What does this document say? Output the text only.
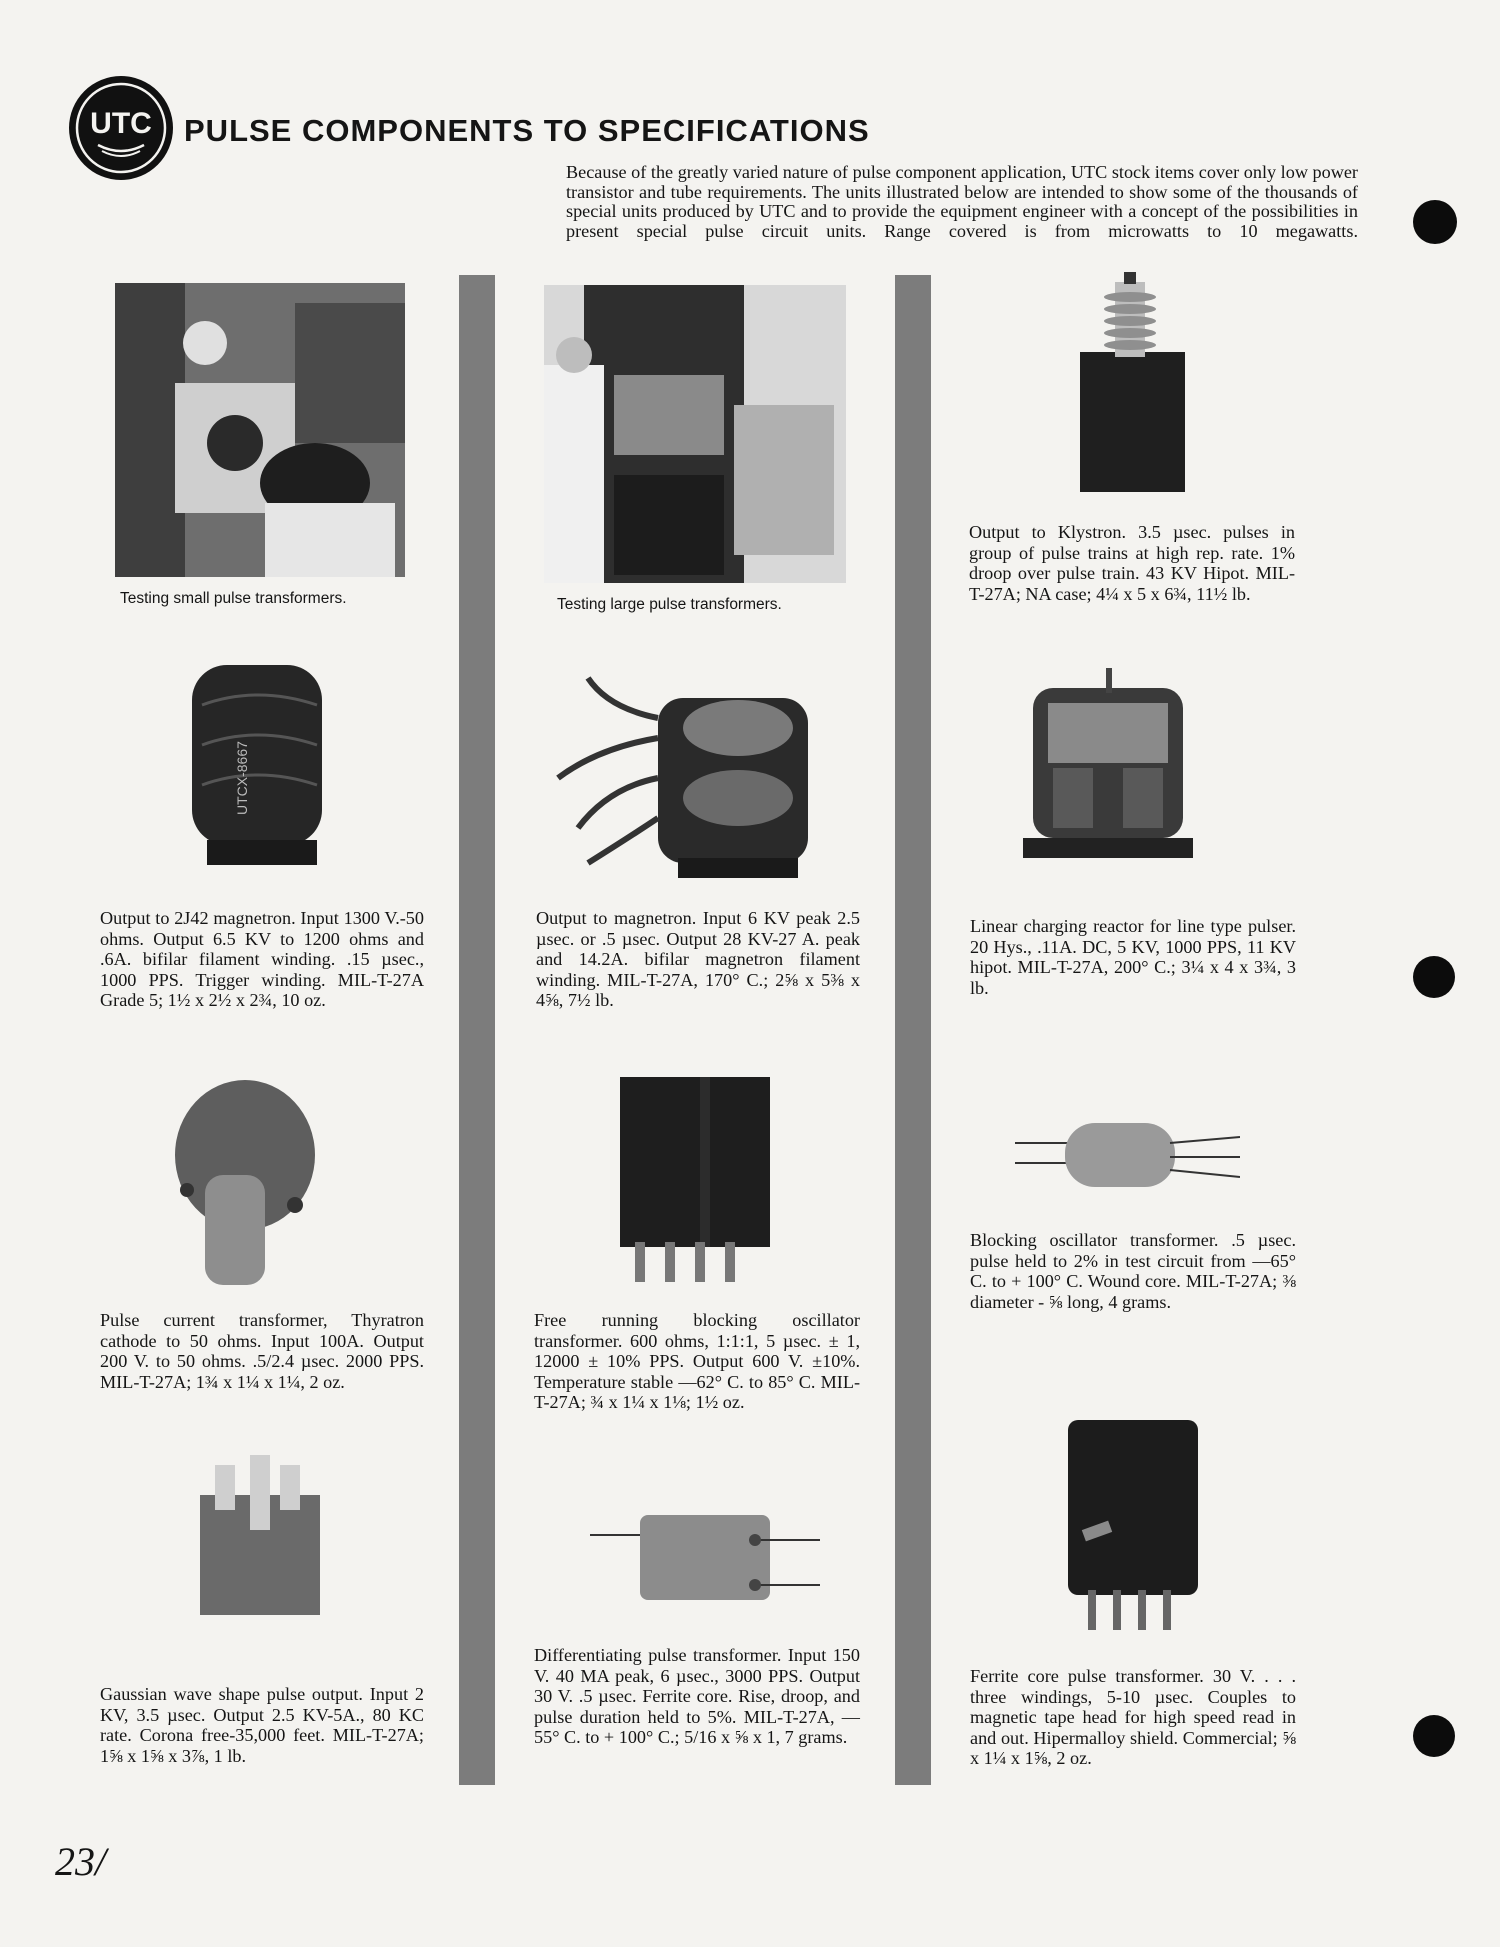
UTC PULSE COMPONENTS TO SPECIFICATIONS
Because of the greatly varied nature of pulse component application, UTC stock items cover only low power transistor and tube requirements. The units illustrated below are intended to show some of the thousands of special units produced by UTC and to provide the equipment engineer with a concept of the possibilities in present special pulse circuit units. Range covered is from microwatts to 10 megawatts.
Testing small pulse transformers.	Testing large pulse transformers.
Output to Klystron. 3.5 µsec. pulses in group of pulse trains at high rep. rate. 1% droop over pulse train. 43 KV Hipot. MIL-T-27A; NA case; 4¼ x 5 x 6¾, 11½ lb.
UTCX-8667
Output to 2J42 magnetron. Input 1300 V.-50 ohms. Output 6.5 KV to 1200 ohms and .6A. bifilar filament winding. .15 µsec., 1000 PPS. Trigger winding. MIL-T-27A Grade 5; 1½ x 2½ x 2¾, 10 oz.
Output to magnetron. Input 6 KV peak 2.5 µsec. or .5 µsec. Output 28 KV-27 A. peak and 14.2A. bifilar magnetron filament winding. MIL-T-27A, 170° C.; 2⅝ x 5⅜ x 4⅝, 7½ lb.
Linear charging reactor for line type pulser. 20 Hys., .11A. DC, 5 KV, 1000 PPS, 11 KV hipot. MIL-T-27A, 200° C.; 3¼ x 4 x 3¾, 3 lb.
Pulse current transformer, Thyratron cathode to 50 ohms. Input 100A. Output 200 V. to 50 ohms. .5/2.4 µsec. 2000 PPS. MIL-T-27A; 1¾ x 1¼ x 1¼, 2 oz.
Free running blocking oscillator transformer. 600 ohms, 1:1:1, 5 µsec. ± 1, 12000 ± 10% PPS. Output 600 V. ±10%. Temperature stable —62° C. to 85° C. MIL-T-27A; ¾ x 1¼ x 1⅛; 1½ oz.
Blocking oscillator transformer. .5 µsec. pulse held to 2% in test circuit from —65° C. to + 100° C. Wound core. MIL-T-27A; ⅜ diameter - ⅝ long, 4 grams.
Gaussian wave shape pulse output. Input 2 KV, 3.5 µsec. Output 2.5 KV-5A., 80 KC rate. Corona free-35,000 feet. MIL-T-27A; 1⅝ x 1⅝ x 3⅞, 1 lb.
Differentiating pulse transformer. Input 150 V. 40 MA peak, 6 µsec., 3000 PPS. Output 30 V. .5 µsec. Ferrite core. Rise, droop, and pulse duration held to 5%. MIL-T-27A, —55° C. to + 100° C.; 5/16 x ⅝ x 1, 7 grams.
Ferrite core pulse transformer. 30 V. . . . three windings, 5-10 µsec. Couples to magnetic tape head for high speed read in and out. Hipermalloy shield. Commercial; ⅝ x 1¼ x 1⅝, 2 oz.
23/
